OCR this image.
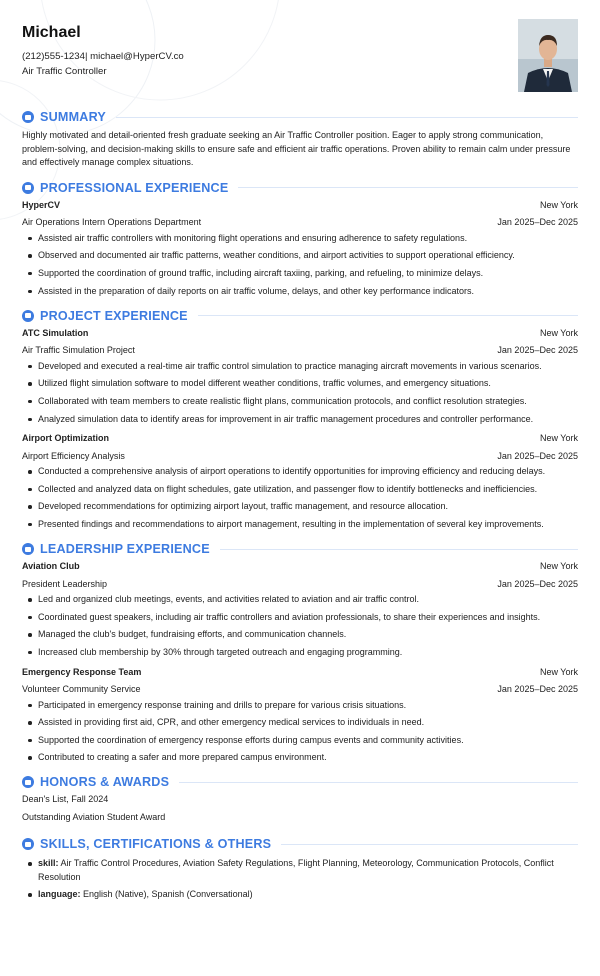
Michael
(212)555-1234| michael@HyperCV.co
Air Traffic Controller
SUMMARY
Highly motivated and detail-oriented fresh graduate seeking an Air Traffic Controller position. Eager to apply strong communication, problem-solving, and decision-making skills to ensure safe and efficient air traffic operations. Proven ability to remain calm under pressure and effectively manage complex situations.
PROFESSIONAL EXPERIENCE
HyperCV	New York
Air Operations Intern Operations Department	Jan 2025–Dec 2025
Assisted air traffic controllers with monitoring flight operations and ensuring adherence to safety regulations.
Observed and documented air traffic patterns, weather conditions, and airport activities to support operational efficiency.
Supported the coordination of ground traffic, including aircraft taxiing, parking, and refueling, to minimize delays.
Assisted in the preparation of daily reports on air traffic volume, delays, and other key performance indicators.
PROJECT EXPERIENCE
ATC Simulation	New York
Air Traffic Simulation Project	Jan 2025–Dec 2025
Developed and executed a real-time air traffic control simulation to practice managing aircraft movements in various scenarios.
Utilized flight simulation software to model different weather conditions, traffic volumes, and emergency situations.
Collaborated with team members to create realistic flight plans, communication protocols, and conflict resolution strategies.
Analyzed simulation data to identify areas for improvement in air traffic management procedures and controller performance.
Airport Optimization	New York
Airport Efficiency Analysis	Jan 2025–Dec 2025
Conducted a comprehensive analysis of airport operations to identify opportunities for improving efficiency and reducing delays.
Collected and analyzed data on flight schedules, gate utilization, and passenger flow to identify bottlenecks and inefficiencies.
Developed recommendations for optimizing airport layout, traffic management, and resource allocation.
Presented findings and recommendations to airport management, resulting in the implementation of several key improvements.
LEADERSHIP EXPERIENCE
Aviation Club	New York
President Leadership	Jan 2025–Dec 2025
Led and organized club meetings, events, and activities related to aviation and air traffic control.
Coordinated guest speakers, including air traffic controllers and aviation professionals, to share their experiences and insights.
Managed the club's budget, fundraising efforts, and communication channels.
Increased club membership by 30% through targeted outreach and engaging programming.
Emergency Response Team	New York
Volunteer Community Service	Jan 2025–Dec 2025
Participated in emergency response training and drills to prepare for various crisis situations.
Assisted in providing first aid, CPR, and other emergency medical services to individuals in need.
Supported the coordination of emergency response efforts during campus events and community activities.
Contributed to creating a safer and more prepared campus environment.
HONORS & AWARDS
Dean's List, Fall 2024
Outstanding Aviation Student Award
SKILLS, CERTIFICATIONS & OTHERS
skill: Air Traffic Control Procedures, Aviation Safety Regulations, Flight Planning, Meteorology, Communication Protocols, Conflict Resolution
language: English (Native), Spanish (Conversational)
